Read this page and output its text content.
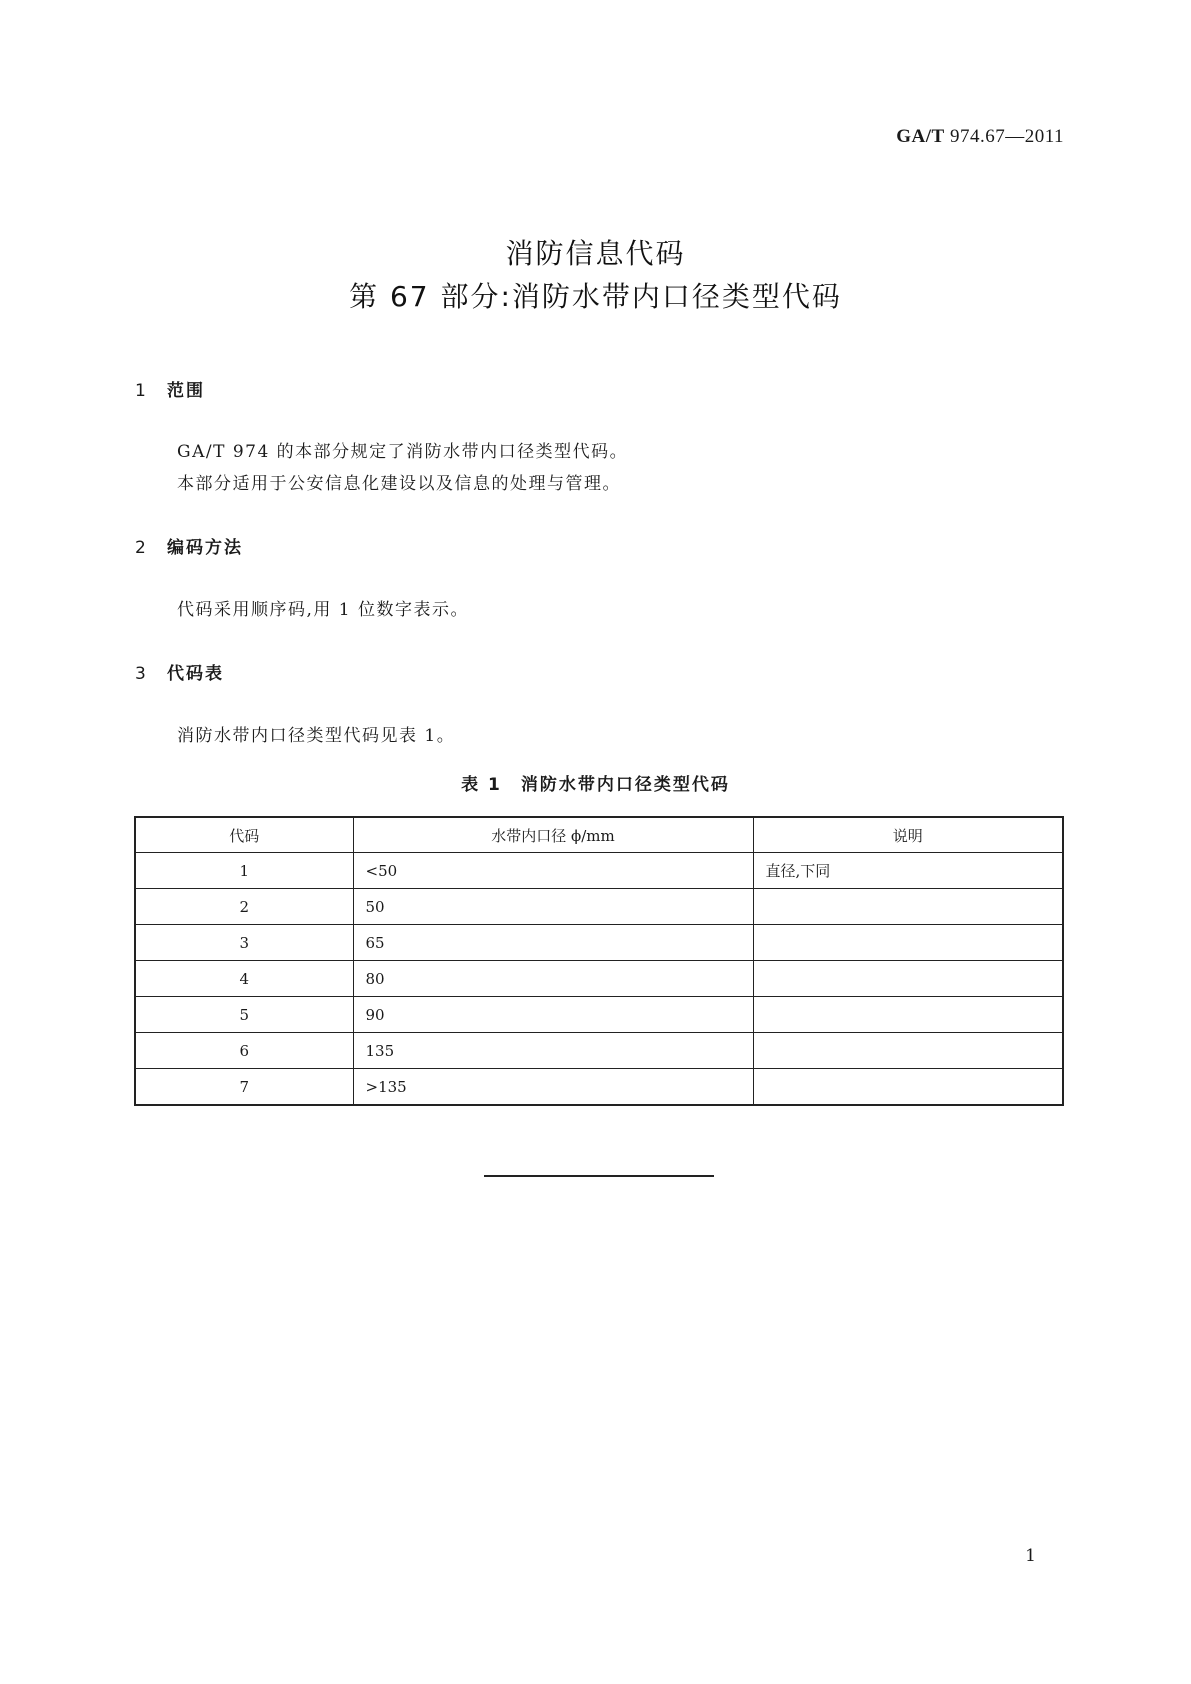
GA/T 974.67—2011
消防信息代码
第 67 部分:消防水带内口径类型代码
1 范围
GA/T 974 的本部分规定了消防水带内口径类型代码。
本部分适用于公安信息化建设以及信息的处理与管理。
2 编码方法
代码采用顺序码,用 1 位数字表示。
3 代码表
消防水带内口径类型代码见表 1。
表 1　消防水带内口径类型代码
代码	水带内口径 ϕ/mm	说明
1	<50	直径,下同
2	50	
3	65	
4	80	
5	90	
6	135	
7	>135	
1
